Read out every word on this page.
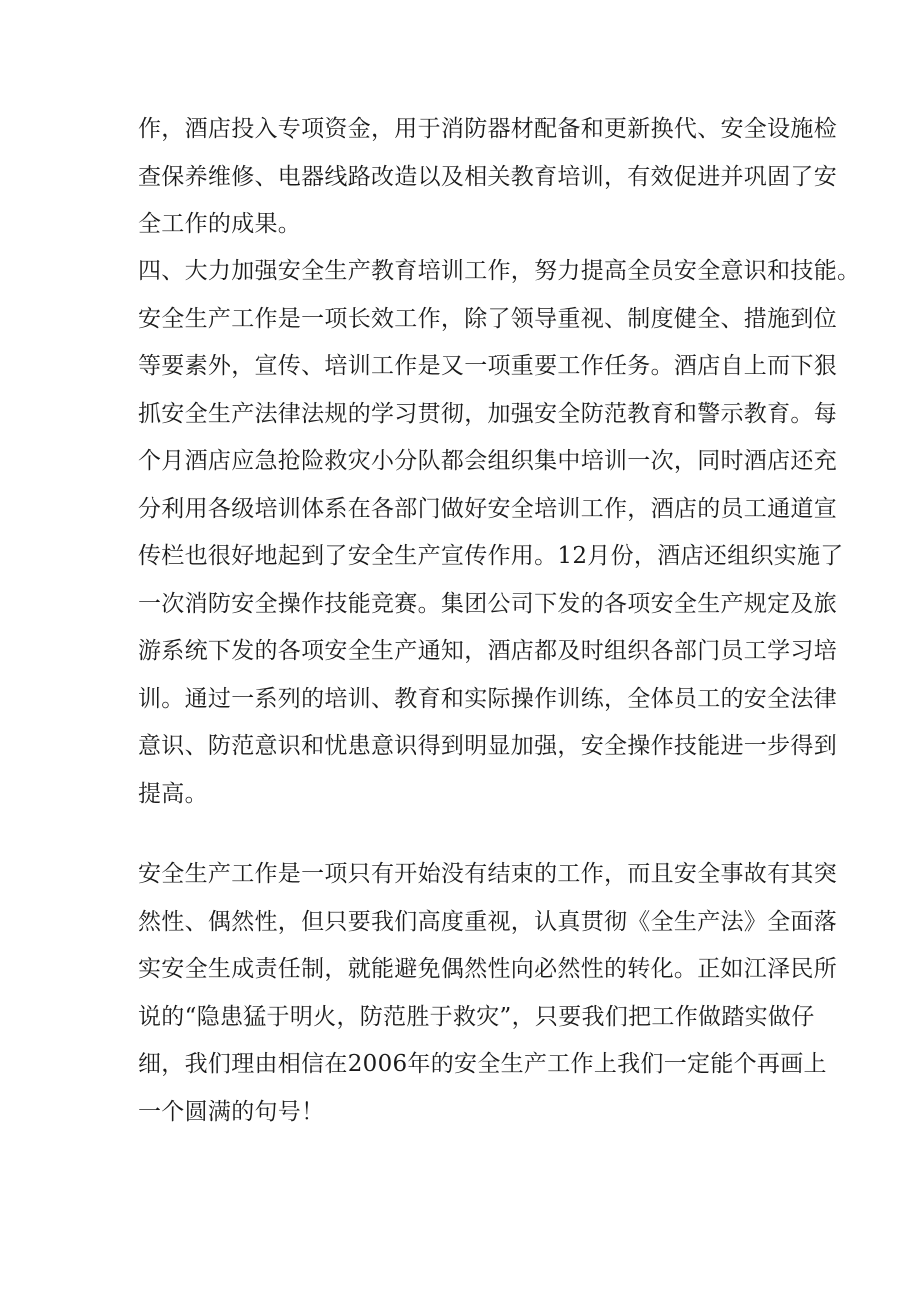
作，酒店投入专项资金，用于消防器材配备和更新换代、安全设施检
查保养维修、电器线路改造以及相关教育培训，有效促进并巩固了安
全工作的成果。
四、大力加强安全生产教育培训工作，努力提高全员安全意识和技能。
安全生产工作是一项长效工作，除了领导重视、制度健全、措施到位
等要素外，宣传、培训工作是又一项重要工作任务。酒店自上而下狠
抓安全生产法律法规的学习贯彻，加强安全防范教育和警示教育。每
个月酒店应急抢险救灾小分队都会组织集中培训一次，同时酒店还充
分利用各级培训体系在各部门做好安全培训工作，酒店的员工通道宣
传栏也很好地起到了安全生产宣传作用。12月份，酒店还组织实施了
一次消防安全操作技能竞赛。集团公司下发的各项安全生产规定及旅
游系统下发的各项安全生产通知，酒店都及时组织各部门员工学习培
训。通过一系列的培训、教育和实际操作训练，全体员工的安全法律
意识、防范意识和忧患意识得到明显加强，安全操作技能进一步得到
提高。
安全生产工作是一项只有开始没有结束的工作，而且安全事故有其突
然性、偶然性，但只要我们高度重视，认真贯彻《全生产法》全面落
实安全生成责任制，就能避免偶然性向必然性的转化。正如江泽民所
说的“隐患猛于明火，防范胜于救灾”，只要我们把工作做踏实做仔
细，我们理由相信在2006年的安全生产工作上我们一定能个再画上
一个圆满的句号！
